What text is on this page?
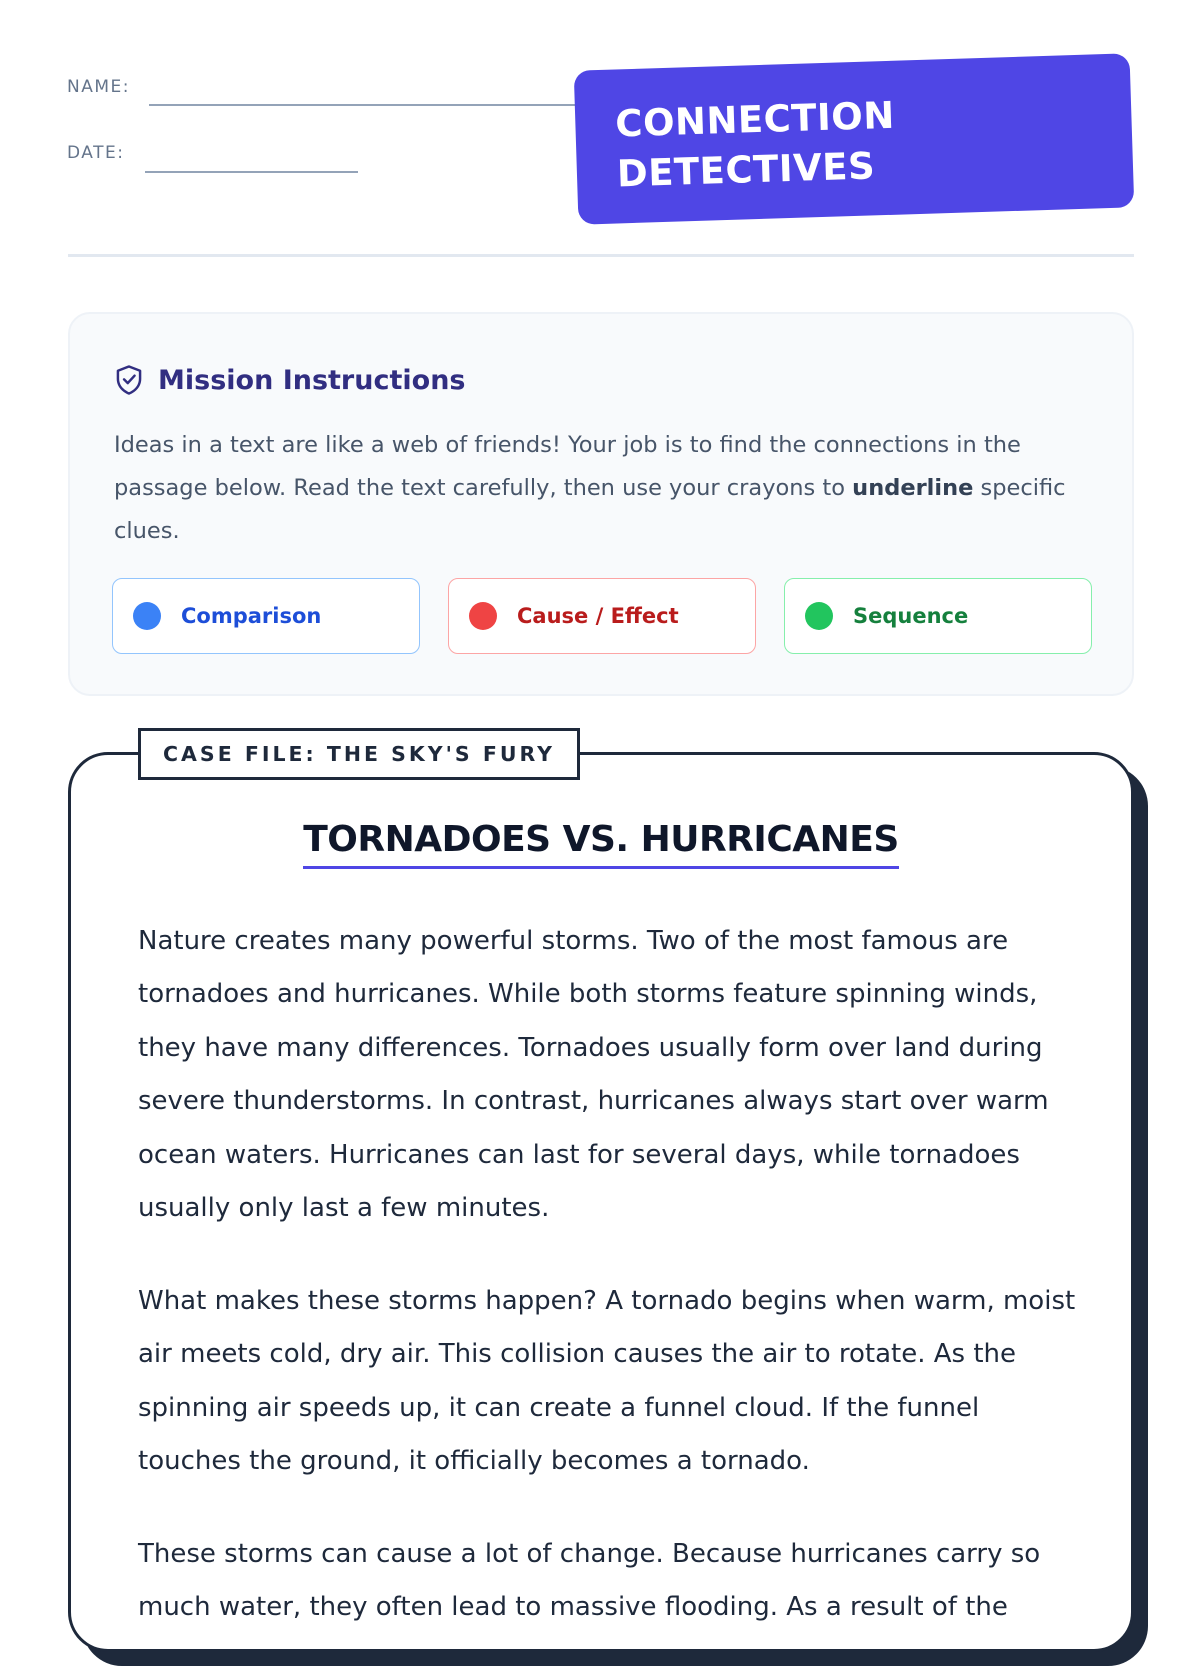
NAME:
DATE:
CONNECTION
DETECTIVES
Mission Instructions
Ideas in a text are like a web of friends! Your job is to find the connections in the passage below. Read the text carefully, then use your crayons to underline specific clues.
Comparison	Cause / Effect	Sequence
CASE FILE: THE SKY'S FURY
TORNADOES VS. HURRICANES

Nature creates many powerful storms. Two of the most famous are tornadoes and hurricanes. While both storms feature spinning winds, they have many differences. Tornadoes usually form over land during severe thunderstorms. In contrast, hurricanes always start over warm ocean waters. Hurricanes can last for several days, while tornadoes usually only last a few minutes.

What makes these storms happen? A tornado begins when warm, moist air meets cold, dry air. This collision causes the air to rotate. As the spinning air speeds up, it can create a funnel cloud. If the funnel touches the ground, it officially becomes a tornado.

These storms can cause a lot of change. Because hurricanes carry so much water, they often lead to massive flooding. As a result of the
